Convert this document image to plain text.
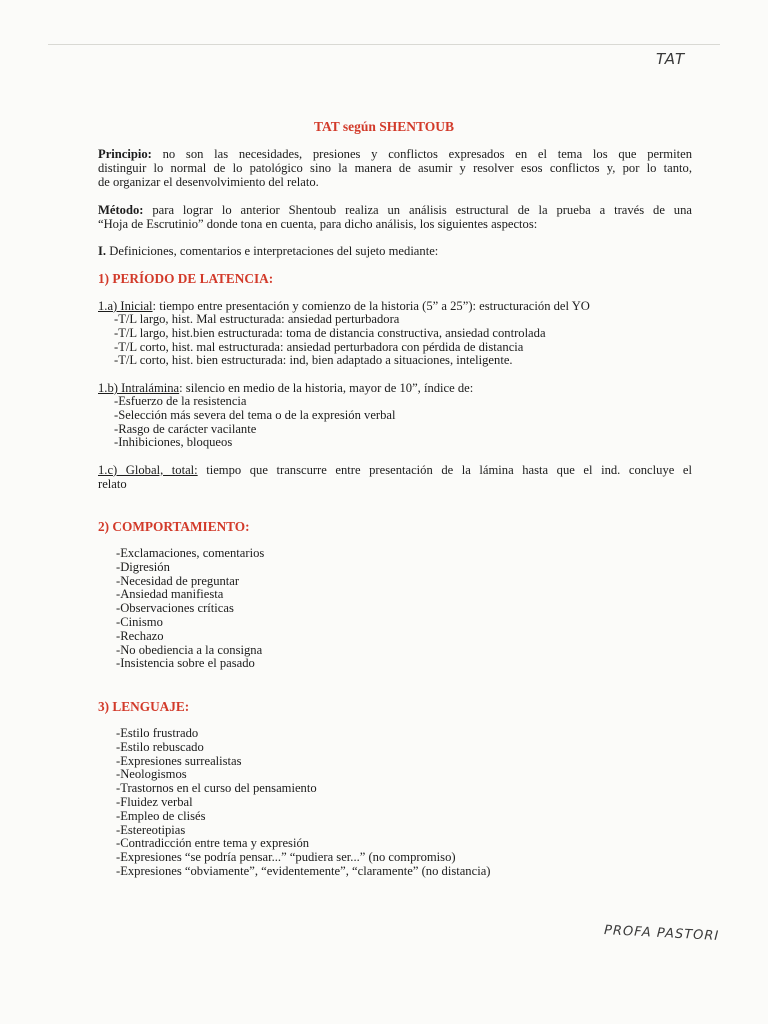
TAT
TAT según SHENTOUB
Principio: no son las necesidades, presiones y conflictos expresados en el tema los que permiten
distinguir lo normal de lo patológico sino la manera de asumir y resolver esos conflictos y, por lo tanto,
de organizar el desenvolvimiento del relato.
Método: para lograr lo anterior Shentoub realiza un análisis estructural de la prueba a través de una
“Hoja de Escrutinio” donde tona en cuenta, para dicho análisis, los siguientes aspectos:
I. Definiciones, comentarios e interpretaciones del sujeto mediante:
1) PERÍODO DE LATENCIA:
1.a) Inicial: tiempo entre presentación y comienzo de la historia (5” a 25”): estructuración del YO
-T/L largo, hist. Mal estructurada: ansiedad perturbadora
-T/L largo, hist.bien estructurada: toma de distancia constructiva, ansiedad controlada
-T/L corto, hist. mal estructurada: ansiedad perturbadora con pérdida de distancia
-T/L corto, hist. bien estructurada: ind, bien adaptado a situaciones, inteligente.
1.b) Intralámina: silencio en medio de la historia, mayor de 10”, índice de:
-Esfuerzo de la resistencia
-Selección más severa del tema o de la expresión verbal
-Rasgo de carácter vacilante
-Inhibiciones, bloqueos
1.c) Global, total: tiempo que transcurre entre presentación de la lámina hasta que el ind. concluye el
relato
2) COMPORTAMIENTO:
-Exclamaciones, comentarios
-Digresión
-Necesidad de preguntar
-Ansiedad manifiesta
-Observaciones críticas
-Cinismo
-Rechazo
-No obediencia a la consigna
-Insistencia sobre el pasado
3) LENGUAJE:
-Estilo frustrado
-Estilo rebuscado
-Expresiones surrealistas
-Neologismos
-Trastornos en el curso del pensamiento
-Fluidez verbal
-Empleo de clisés
-Estereotipias
-Contradicción entre tema y expresión
-Expresiones “se podría pensar...” “pudiera ser...” (no compromiso)
-Expresiones “obviamente”, “evidentemente”, “claramente” (no distancia)
PROFA PASTORI
